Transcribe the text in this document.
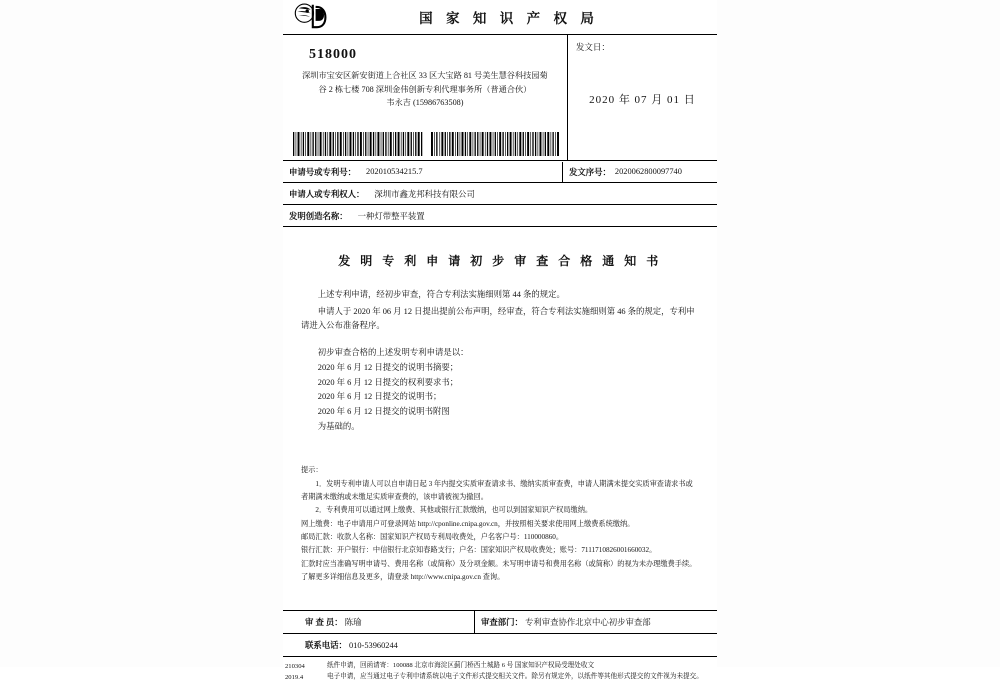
国 家 知 识 产 权 局
518000
深圳市宝安区新安街道上合社区 33 区大宝路 81 号美生慧谷科技园菊
谷 2 栋七楼 708 深圳金伟创新专利代理事务所（普通合伙）
韦永吉 (15986763508)
发文日：
2020 年 07 月 01 日
申请号或专利号： 202010534215.7	发文序号： 2020062800097740
申请人或专利权人： 深圳市鑫龙邦科技有限公司
发明创造名称： 一种灯带整平装置
发 明 专 利 申 请 初 步 审 查 合 格 通 知 书

上述专利申请，经初步审查，符合专利法实施细则第 44 条的规定。

申请人于 2020 年 06 月 12 日提出提前公布声明，经审查，符合专利法实施细则第 46 条的规定，专利申请进入公布准备程序。

初步审查合格的上述发明专利申请是以：

2020 年 6 月 12 日提交的说明书摘要；

2020 年 6 月 12 日提交的权利要求书；

2020 年 6 月 12 日提交的说明书；

2020 年 6 月 12 日提交的说明书附图

为基础的。

提示：

1．发明专利申请人可以自申请日起 3 年内提交实质审查请求书、缴纳实质审查费，申请人期满未提交实质审查请求书或者期满未缴纳或未缴足实质审查费的，该申请被视为撤回。

2．专利费用可以通过网上缴费、其他或银行汇款缴纳，也可以到国家知识产权局缴纳。

网上缴费：电子申请用户可登录网站 http://cponline.cnipa.gov.cn，并按照相关要求使用网上缴费系统缴纳。

邮局汇款：收款人名称：国家知识产权局专利局收费处，户名客户号：110000860。

银行汇款：开户银行：中信银行北京知春路支行；户名：国家知识产权局收费处；账号：7111710826001660032。

汇款时应当准确写明申请号、费用名称（或简称）及分项金额。未写明申请号和费用名称（或简称）的视为未办理缴费手续。

了解更多详细信息及更多，请登录 http://www.cnipa.gov.cn 查询。

审 查 员： 陈瑜	审查部门： 专利审查协作北京中心初步审查部
联系电话： 010-53960244
210304
2019.4

纸件申请，回函请寄：100088 北京市海淀区蓟门桥西土城路 6 号 国家知识产权局受理处收文

电子申请，应当通过电子专利申请系统以电子文件形式提交相关文件。除另有规定外，以纸件等其他形式提交的文件视为未提交。
